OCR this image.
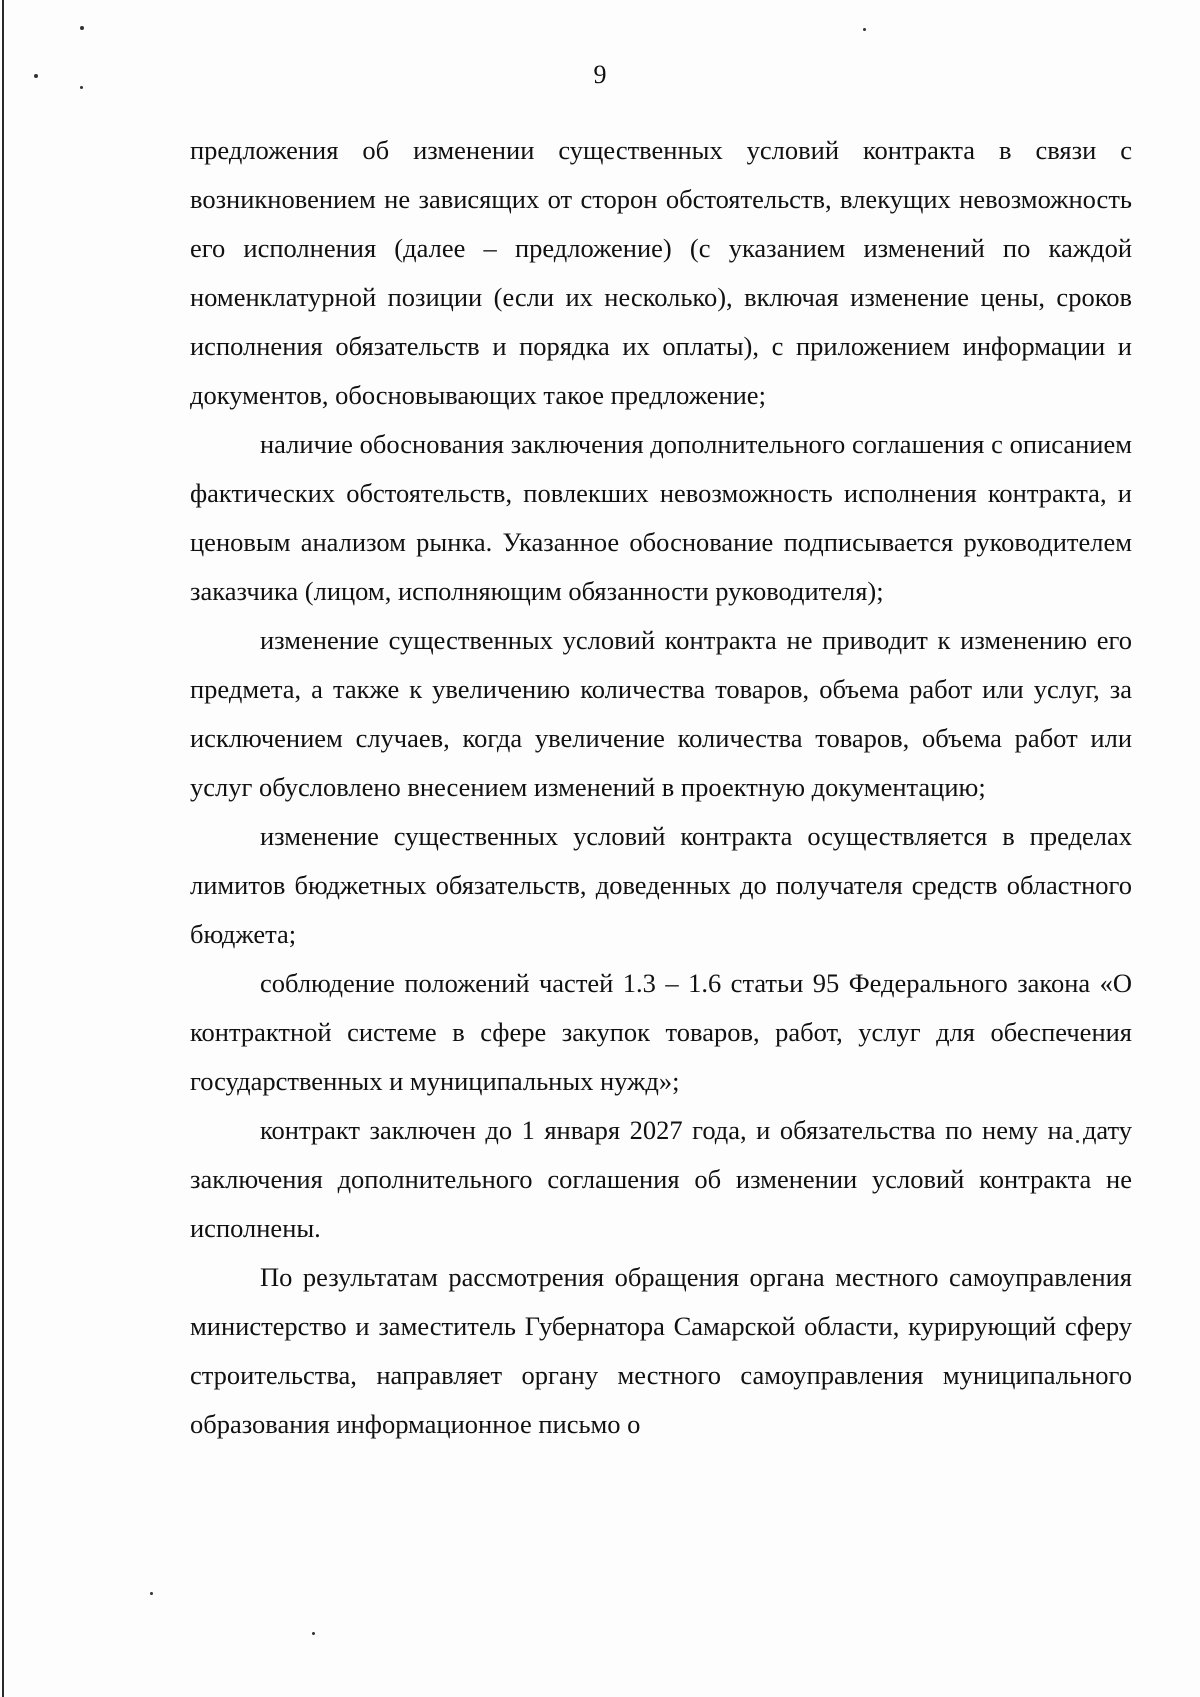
9

предложения об изменении существенных условий контракта в связи с возникновением не зависящих от сторон обстоятельств, влекущих невозможность его исполнения (далее – предложение) (с указанием изменений по каждой номенклатурной позиции (если их несколько), включая изменение цены, сроков исполнения обязательств и порядка их оплаты), с приложением информации и документов, обосновывающих такое предложение;

наличие обоснования заключения дополнительного соглашения с описанием фактических обстоятельств, повлекших невозможность исполнения контракта, и ценовым анализом рынка. Указанное обоснование подписывается руководителем заказчика (лицом, исполняющим обязанности руководителя);

изменение существенных условий контракта не приводит к изменению его предмета, а также к увеличению количества товаров, объема работ или услуг, за исключением случаев, когда увеличение количества товаров, объема работ или услуг обусловлено внесением изменений в проектную документацию;

изменение существенных условий контракта осуществляется в пределах лимитов бюджетных обязательств, доведенных до получателя средств областного бюджета;

соблюдение положений частей 1.3 – 1.6 статьи 95 Федерального закона «О контрактной системе в сфере закупок товаров, работ, услуг для обеспечения государственных и муниципальных нужд»;

контракт заключен до 1 января 2027 года, и обязательства по нему на дату заключения дополнительного соглашения об изменении условий контракта не исполнены.

По результатам рассмотрения обращения органа местного самоуправления министерство и заместитель Губернатора Самарской области, курирующий сферу строительства, направляет органу местного самоуправления муниципального образования информационное письмо о
